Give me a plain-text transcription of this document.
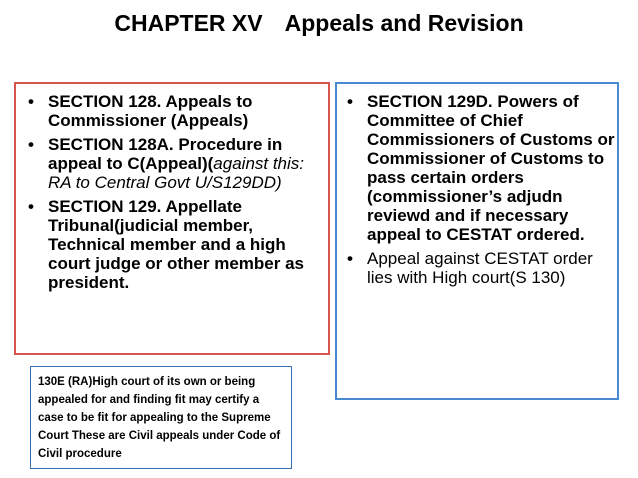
CHAPTER XV Appeals and Revision
• SECTION 128. Appeals to Commissioner (Appeals)
• SECTION 128A. Procedure in appeal to C(Appeal)(against this: RA to Central Govt U/S129DD)
• SECTION 129. Appellate Tribunal(judicial member, Technical member and a high court judge or other member as president.
• SECTION 129D. Powers of Committee of Chief Commissioners of Customs or Commissioner of Customs to pass certain orders (commissioner’s adjudn reviewd and if necessary appeal to CESTAT ordered.
• Appeal against CESTAT order lies with High court(S 130)
130E (RA)High court of its own or being appealed for and finding fit may certify a case to be fit for appealing to the Supreme Court These are Civil appeals under Code of Civil procedure
